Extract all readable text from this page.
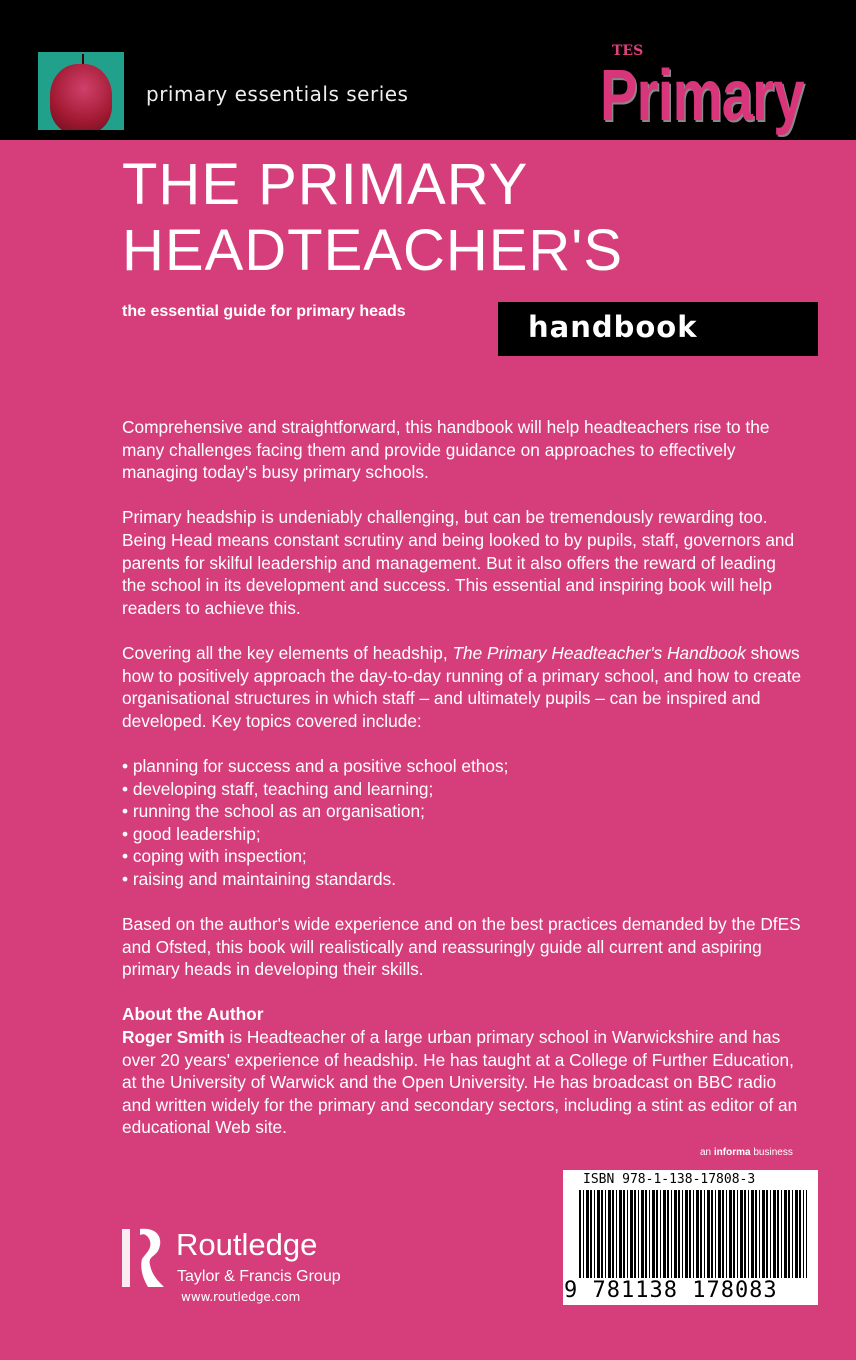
primary essentials series
TES
Primary
THE PRIMARY
HEADTEACHER'S
the essential guide for primary heads	handbook

Comprehensive and straightforward, this handbook will help headteachers rise to the many challenges facing them and provide guidance on approaches to effectively managing today's busy primary schools.

Primary headship is undeniably challenging, but can be tremendously rewarding too. Being Head means constant scrutiny and being looked to by pupils, staff, governors and parents for skilful leadership and management. But it also offers the reward of leading the school in its development and success. This essential and inspiring book will help readers to achieve this.

Covering all the key elements of headship, The Primary Headteacher's Handbook shows how to positively approach the day-to-day running of a primary school, and how to create organisational structures in which staff – and ultimately pupils – can be inspired and developed. Key topics covered include:

• planning for success and a positive school ethos;
• developing staff, teaching and learning;
• running the school as an organisation;
• good leadership;
• coping with inspection;
• raising and maintaining standards.

Based on the author's wide experience and on the best practices demanded by the DfES and Ofsted, this book will realistically and reassuringly guide all current and aspiring primary heads in developing their skills.

About the Author
Roger Smith is Headteacher of a large urban primary school in Warwickshire and has over 20 years' experience of headship. He has taught at a College of Further Education, at the University of Warwick and the Open University. He has broadcast on BBC radio and written widely for the primary and secondary sectors, including a stint as editor of an educational Web site.
an informa business
ISBN 978-1-138-17808-3
9 781138 178083
Routledge
Taylor & Francis Group
www.routledge.com
